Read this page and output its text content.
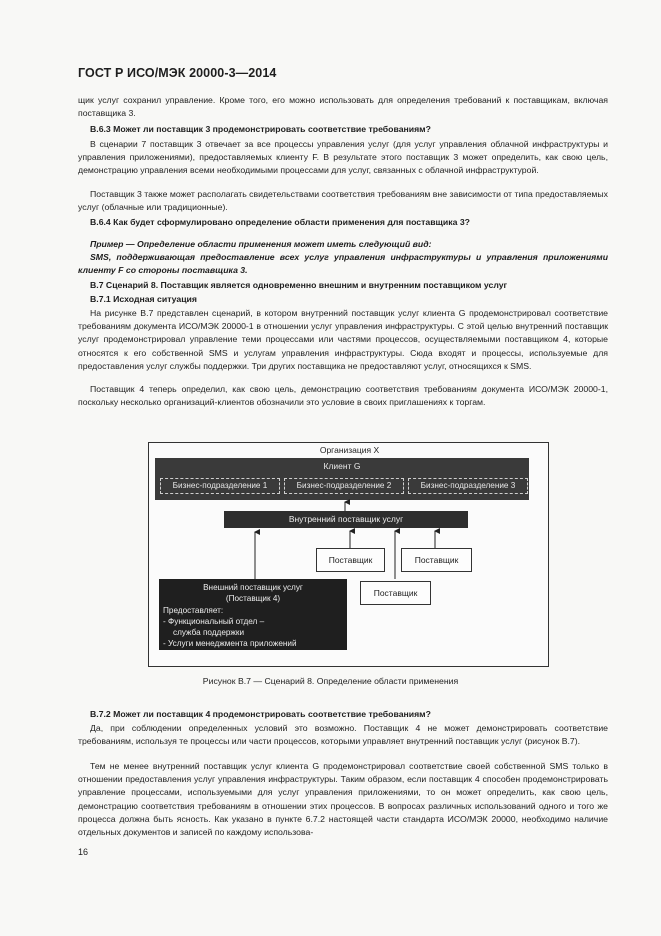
ГОСТ Р ИСО/МЭК 20000-3—2014
щик услуг сохранил управление. Кроме того, его можно использовать для определения требований к поставщикам, включая поставщика 3.
B.6.3 Может ли поставщик 3 продемонстрировать соответствие требованиям?
В сценарии 7 поставщик 3 отвечает за все процессы управления услуг (для услуг управления облачной инфраструктуры и управления приложениями), предоставляемых клиенту F. В результате этого поставщик 3 может определить, как свою цель, демонстрацию управления всеми необходимыми процессами для услуг, связанных с облачной инфраструктурой.
Поставщик 3 также может располагать свидетельствами соответствия требованиям вне зависимости от типа предоставляемых услуг (облачные или традиционные).
B.6.4 Как будет сформулировано определение области применения для поставщика 3?
Пример — Определение области применения может иметь следующий вид:
SMS, поддерживающая предоставление всех услуг управления инфраструктуры и управления приложениями клиенту F со стороны поставщика 3.
B.7 Сценарий 8. Поставщик является одновременно внешним и внутренним поставщиком услуг
B.7.1 Исходная ситуация
На рисунке B.7 представлен сценарий, в котором внутренний поставщик услуг клиента G продемонстрировал соответствие требованиям документа ИСО/МЭК 20000-1 в отношении услуг управления инфраструктуры. С этой целью внутренний поставщик услуг продемонстрировал управление теми процессами или частями процессов, осуществляемыми поставщиком 4, которые относятся к его собственной SMS и услугам управления инфраструктуры. Сюда входят и процессы, используемые для предоставления услуг службы поддержки. Три других поставщика не предоставляют услуг, относящихся к SMS.
Поставщик 4 теперь определил, как свою цель, демонстрацию соответствия требованиям документа ИСО/МЭК 20000-1, поскольку несколько организаций-клиентов обозначили это условие в своих приглашениях к торгам.
Организация X
Клиент G
Бизнес-подразделение 1	Бизнес-подразделение 2	Бизнес-подразделение 3
Внутренний поставщик услуг
Поставщик	Поставщик
Поставщик
Внешний поставщик услуг
(Поставщик 4)
Предоставляет:
- Функциональный отдел –
служба поддержки
- Услуги менеджмента приложений
Рисунок B.7 — Сценарий 8. Определение области применения
B.7.2 Может ли поставщик 4 продемонстрировать соответствие требованиям?
Да, при соблюдении определенных условий это возможно. Поставщик 4 не может демонстрировать соответствие требованиям, используя те процессы или части процессов, которыми управляет внутренний поставщик услуг (рисунок B.7).
Тем не менее внутренний поставщик услуг клиента G продемонстрировал соответствие своей собственной SMS только в отношении предоставления услуг управления инфраструктуры. Таким образом, если поставщик 4 способен продемонстрировать управление процессами, используемыми для услуг управления приложениями, то он может определить, как свою цель, демонстрацию соответствия требованиям в отношении этих процессов. В вопросах различных использований одного и того же процесса должна быть ясность. Как указано в пункте 6.7.2 настоящей части стандарта ИСО/МЭК 20000, необходимо наличие отдельных документов и записей по каждому использова-
16
